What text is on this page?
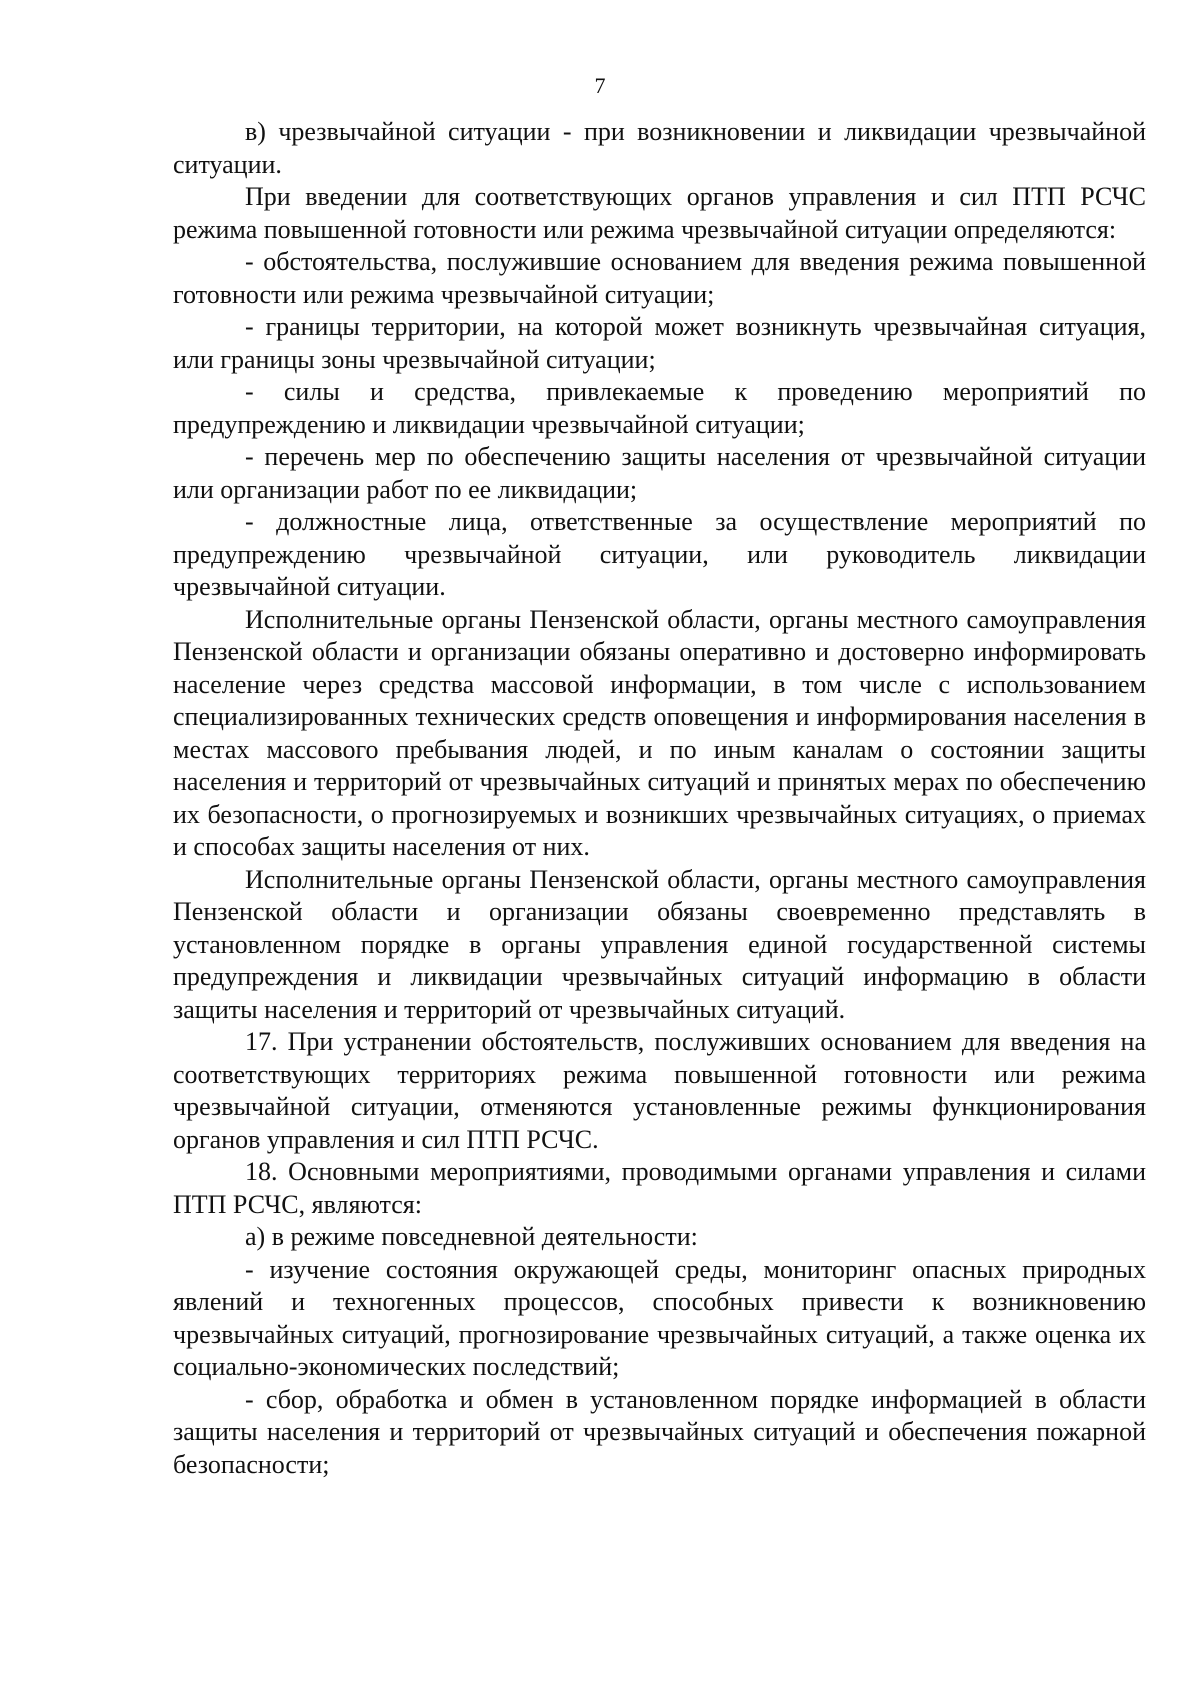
7

в) чрезвычайной ситуации - при возникновении и ликвидации чрезвычайной ситуации.

При введении для соответствующих органов управления и сил ПТП РСЧС режима повышенной готовности или режима чрезвычайной ситуации определяются:

- обстоятельства, послужившие основанием для введения режима повышенной готовности или режима чрезвычайной ситуации;

- границы территории, на которой может возникнуть чрезвычайная ситуация, или границы зоны чрезвычайной ситуации;

- силы и средства, привлекаемые к проведению мероприятий по предупреждению и ликвидации чрезвычайной ситуации;

- перечень мер по обеспечению защиты населения от чрезвычайной ситуации или организации работ по ее ликвидации;

- должностные лица, ответственные за осуществление мероприятий по предупреждению чрезвычайной ситуации, или руководитель ликвидации чрезвычайной ситуации.

Исполнительные органы Пензенской области, органы местного самоуправления Пензенской области и организации обязаны оперативно и достоверно информировать население через средства массовой информации, в том числе с использованием специализированных технических средств оповещения и информирования населения в местах массового пребывания людей, и по иным каналам о состоянии защиты населения и территорий от чрезвычайных ситуаций и принятых мерах по обеспечению их безопасности, о прогнозируемых и возникших чрезвычайных ситуациях, о приемах и способах защиты населения от них.

Исполнительные органы Пензенской области, органы местного самоуправления Пензенской области и организации обязаны своевременно представлять в установленном порядке в органы управления единой государственной системы предупреждения и ликвидации чрезвычайных ситуаций информацию в области защиты населения и территорий от чрезвычайных ситуаций.

17. При устранении обстоятельств, послуживших основанием для введения на соответствующих территориях режима повышенной готовности или режима чрезвычайной ситуации, отменяются установленные режимы функционирования органов управления и сил ПТП РСЧС.

18. Основными мероприятиями, проводимыми органами управления и силами ПТП РСЧС, являются:

а) в режиме повседневной деятельности:

- изучение состояния окружающей среды, мониторинг опасных природных явлений и техногенных процессов, способных привести к возникновению чрезвычайных ситуаций, прогнозирование чрезвычайных ситуаций, а также оценка их социально-экономических последствий;

- сбор, обработка и обмен в установленном порядке информацией в области защиты населения и территорий от чрезвычайных ситуаций и обеспечения пожарной безопасности;
